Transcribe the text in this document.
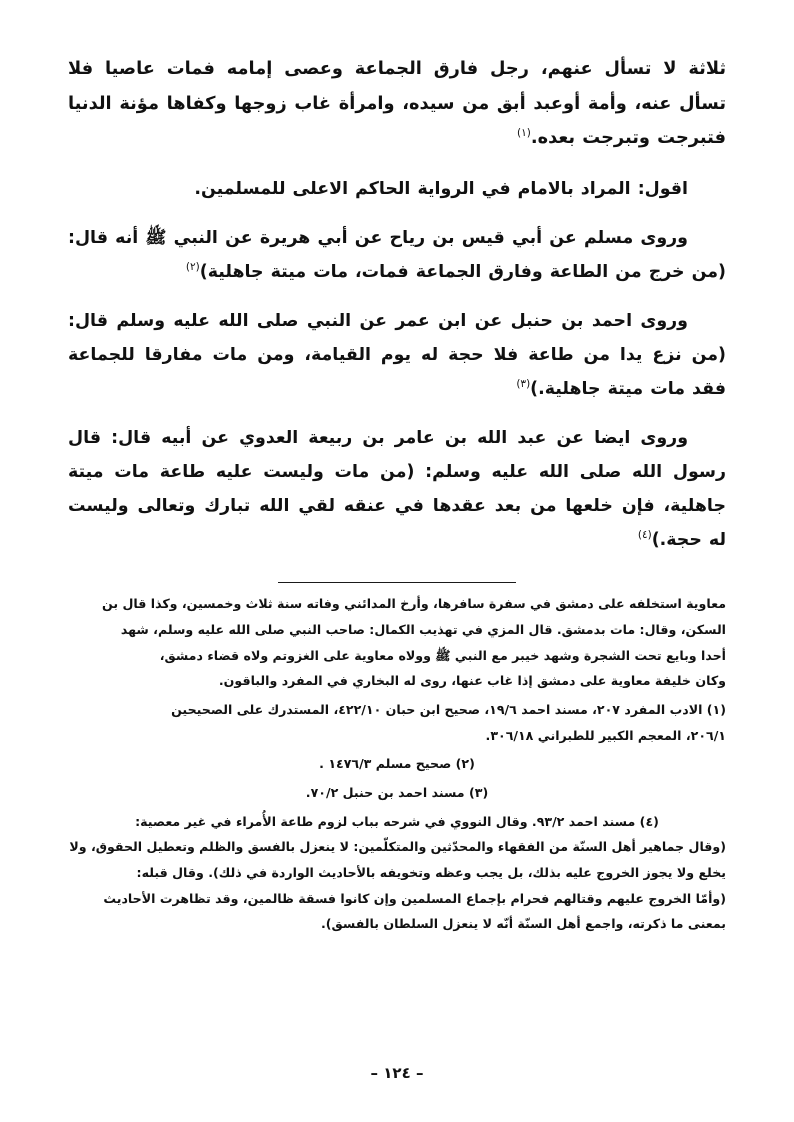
ثلاثة لا تسأل عنهم، رجل فارق الجماعة وعصى إمامه فمات عاصيا فلا تسأل عنه، وأمة أوعبد أبق من سيده، وامرأة غاب زوجها وكفاها مؤنة الدنيا فتبرجت وتبرجت بعده.$^{(١)}$

اقول: المراد بالامام في الرواية الحاكم الاعلى للمسلمين.

وروى مسلم عن أبي قيس بن رياح عن أبي هريرة عن النبي ﷺ أنه قال: (من خرج من الطاعة وفارق الجماعة فمات، مات ميتة جاهلية)$^{(٢)}$

وروى احمد بن حنبل عن ابن عمر عن النبي صلى الله عليه وسلم قال: (من نزع يدا من طاعة فلا حجة له يوم القيامة، ومن مات مفارقا للجماعة فقد مات ميتة جاهلية.)$^{(٣)}$

وروى ايضا عن عبد الله بن عامر بن ربيعة العدوي عن أبيه قال: قال رسول الله صلى الله عليه وسلم: (من مات وليست عليه طاعة مات ميتة جاهلية، فإن خلعها من بعد عقدها في عنقه لقي الله تبارك وتعالى وليست له حجة.)$^{(٤)}$

معاوية استخلفه على دمشق في سفرة سافرها، وأرخ المدائني وفاته سنة ثلاث وخمسين، وكذا قال بن

السكن، وقال: مات بدمشق. قال المزي في تهذيب الكمال: صاحب النبي صلى الله عليه وسلم، شهد

أحدا وبايع تحت الشجرة وشهد خيبر مع النبي ﷺ وولاه معاوية على الغزوتم ولاه قضاء دمشق،

وكان خليفة معاوية على دمشق إذا غاب عنها، روى له البخاري في المفرد والباقون.

(١) الادب المفرد ٢٠٧، مسند احمد ١٩/٦، صحيح ابن حبان ٤٢٢/١٠، المستدرك على الصحيحين

٢٠٦/١، المعجم الكبير للطبراني ٣٠٦/١٨.

(٢) صحيح مسلم ١٤٧٦/٣ .

(٣) مسند احمد بن حنبل ٧٠/٢.

(٤) مسند احمد ٩٣/٢. وقال النووي في شرحه بباب لزوم طاعة الأُمراء في غير معصية:

(وقال جماهير أهل السنّة من الفقهاء والمحدّثين والمتكلّمين: لا ينعزل بالفسق والظلم وتعطيل الحقوق، ولا

يخلع ولا يجوز الخروج عليه بذلك، بل يجب وعظه وتخويفه بالأحاديث الواردة في ذلك). وقال قبله:

(وأمّا الخروج عليهم وقتالهم فحرام بإجماع المسلمين وإن كانوا فسقة ظالمين، وقد تظاهرت الأحاديث

بمعنى ما ذكرته، واجمع أهل السنّة أنّه لا ينعزل السلطان بالفسق).

– ١٢٤ –
